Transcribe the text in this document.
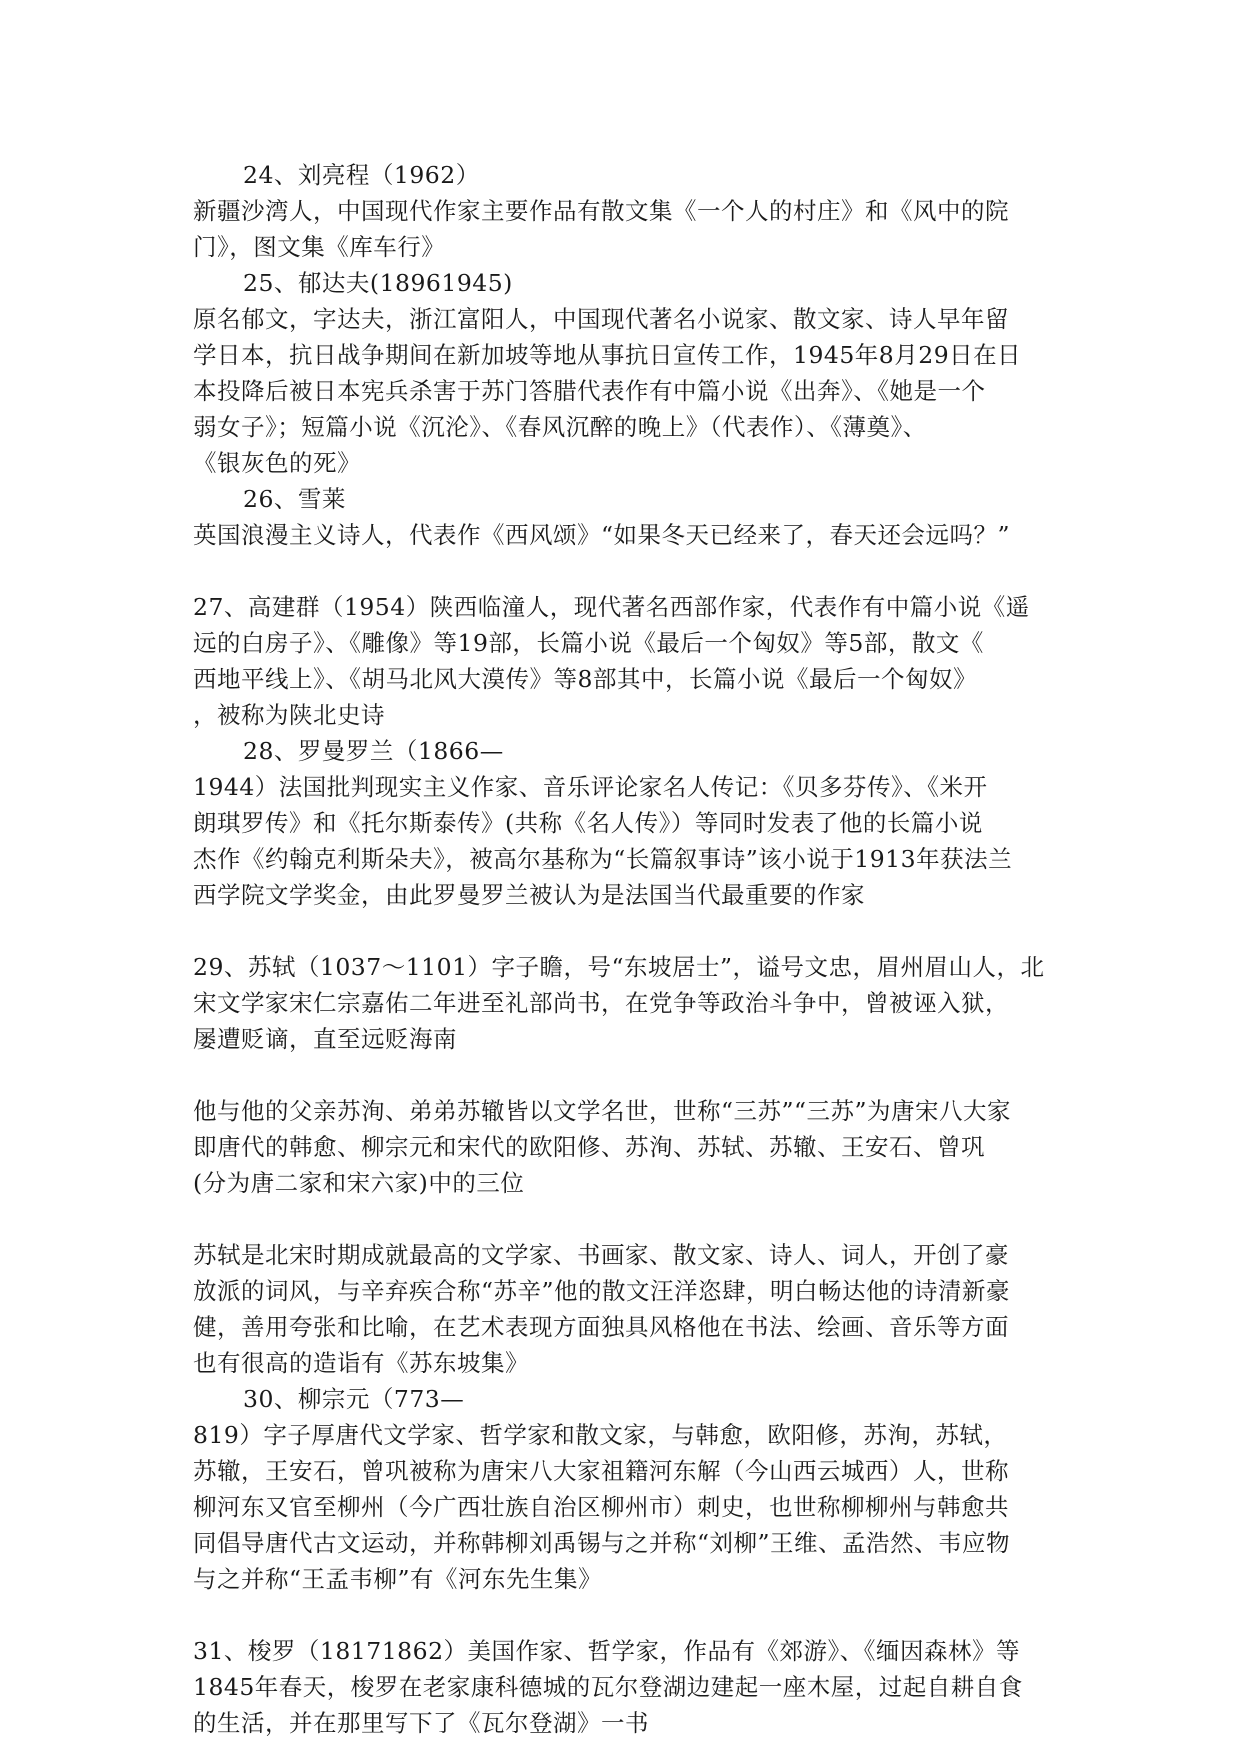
24、刘亮程（1962）
新疆沙湾人，中国现代作家主要作品有散文集《一个人的村庄》和《风中的院
门》，图文集《库车行》
25、郁达夫(18961945)
原名郁文，字达夫，浙江富阳人，中国现代著名小说家、散文家、诗人早年留
学日本，抗日战争期间在新加坡等地从事抗日宣传工作，1945年8月29日在日
本投降后被日本宪兵杀害于苏门答腊代表作有中篇小说《出奔》、《她是一个
弱女子》；短篇小说《沉沦》、《春风沉醉的晚上》（代表作）、《薄奠》、
《银灰色的死》
26、雪莱
英国浪漫主义诗人，代表作《西风颂》“如果冬天已经来了，春天还会远吗？”
27、高建群（1954）陕西临潼人，现代著名西部作家，代表作有中篇小说《遥
远的白房子》、《雕像》等19部，长篇小说《最后一个匈奴》等5部，散文《
西地平线上》、《胡马北风大漠传》等8部其中，长篇小说《最后一个匈奴》
，被称为陕北史诗
28、罗曼罗兰（1866—
1944）法国批判现实主义作家、音乐评论家名人传记：《贝多芬传》、《米开
朗琪罗传》和《托尔斯泰传》(共称《名人传》）等同时发表了他的长篇小说
杰作《约翰克利斯朵夫》，被高尔基称为“长篇叙事诗”该小说于1913年获法兰
西学院文学奖金，由此罗曼罗兰被认为是法国当代最重要的作家
29、苏轼（1037～1101）字子瞻，号“东坡居士”，谥号文忠，眉州眉山人，北
宋文学家宋仁宗嘉佑二年进至礼部尚书，在党争等政治斗争中，曾被诬入狱，
屡遭贬谪，直至远贬海南
他与他的父亲苏洵、弟弟苏辙皆以文学名世，世称“三苏”“三苏”为唐宋八大家
即唐代的韩愈、柳宗元和宋代的欧阳修、苏洵、苏轼、苏辙、王安石、曾巩
(分为唐二家和宋六家)中的三位
苏轼是北宋时期成就最高的文学家、书画家、散文家、诗人、词人，开创了豪
放派的词风，与辛弃疾合称“苏辛”他的散文汪洋恣肆，明白畅达他的诗清新豪
健，善用夸张和比喻，在艺术表现方面独具风格他在书法、绘画、音乐等方面
也有很高的造诣有《苏东坡集》
30、柳宗元（773—
819）字子厚唐代文学家、哲学家和散文家，与韩愈，欧阳修，苏洵，苏轼，
苏辙，王安石，曾巩被称为唐宋八大家祖籍河东解（今山西云城西）人，世称
柳河东又官至柳州（今广西壮族自治区柳州市）刺史，也世称柳柳州与韩愈共
同倡导唐代古文运动，并称韩柳刘禹锡与之并称“刘柳”王维、孟浩然、韦应物
与之并称“王孟韦柳”有《河东先生集》
31、梭罗（18171862）美国作家、哲学家，作品有《郊游》、《缅因森林》等
1845年春天，梭罗在老家康科德城的瓦尔登湖边建起一座木屋，过起自耕自食
的生活，并在那里写下了《瓦尔登湖》一书
